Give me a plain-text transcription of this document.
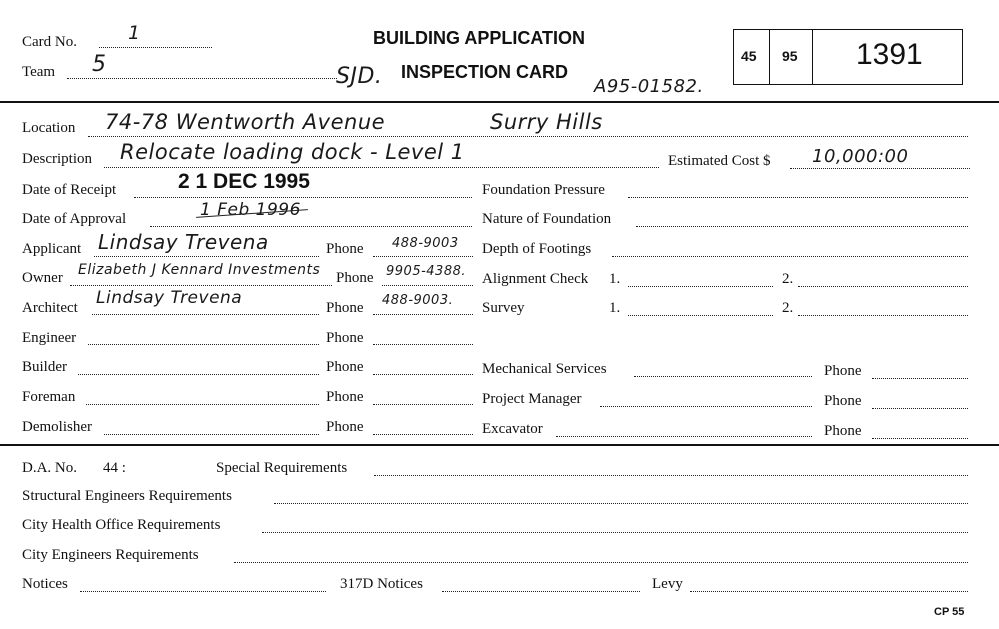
Card No.	1
Team 5
BUILDING APPLICATION
SJD. INSPECTION CARD
A95-01582.
45 95 1391
Location 74-78 Wentworth Avenue	Surry Hills
Description Relocate loading dock - Level 1	Estimated Cost $ 10,000:00
Date of Receipt	2 1 DEC 1995
Date of Approval	1 Feb 1996
Applicant Lindsay Trevena	Phone 488-9003
Owner Elizabeth J Kennard Investments Phone 9905-4388.
Architect Lindsay Trevena	Phone 488-9003.
Engineer	Phone
Builder	Phone
Foreman	Phone
Demolisher	Phone
Foundation Pressure
Nature of Foundation
Depth of Footings
Alignment Check 1.	2.
Survey	1.	2.
Mechanical Services	Phone
Project Manager	Phone
Excavator	Phone
D.A. No. 44 :	Special Requirements
Structural Engineers Requirements
City Health Office Requirements
City Engineers Requirements
Notices	317D Notices	Levy
CP 55
